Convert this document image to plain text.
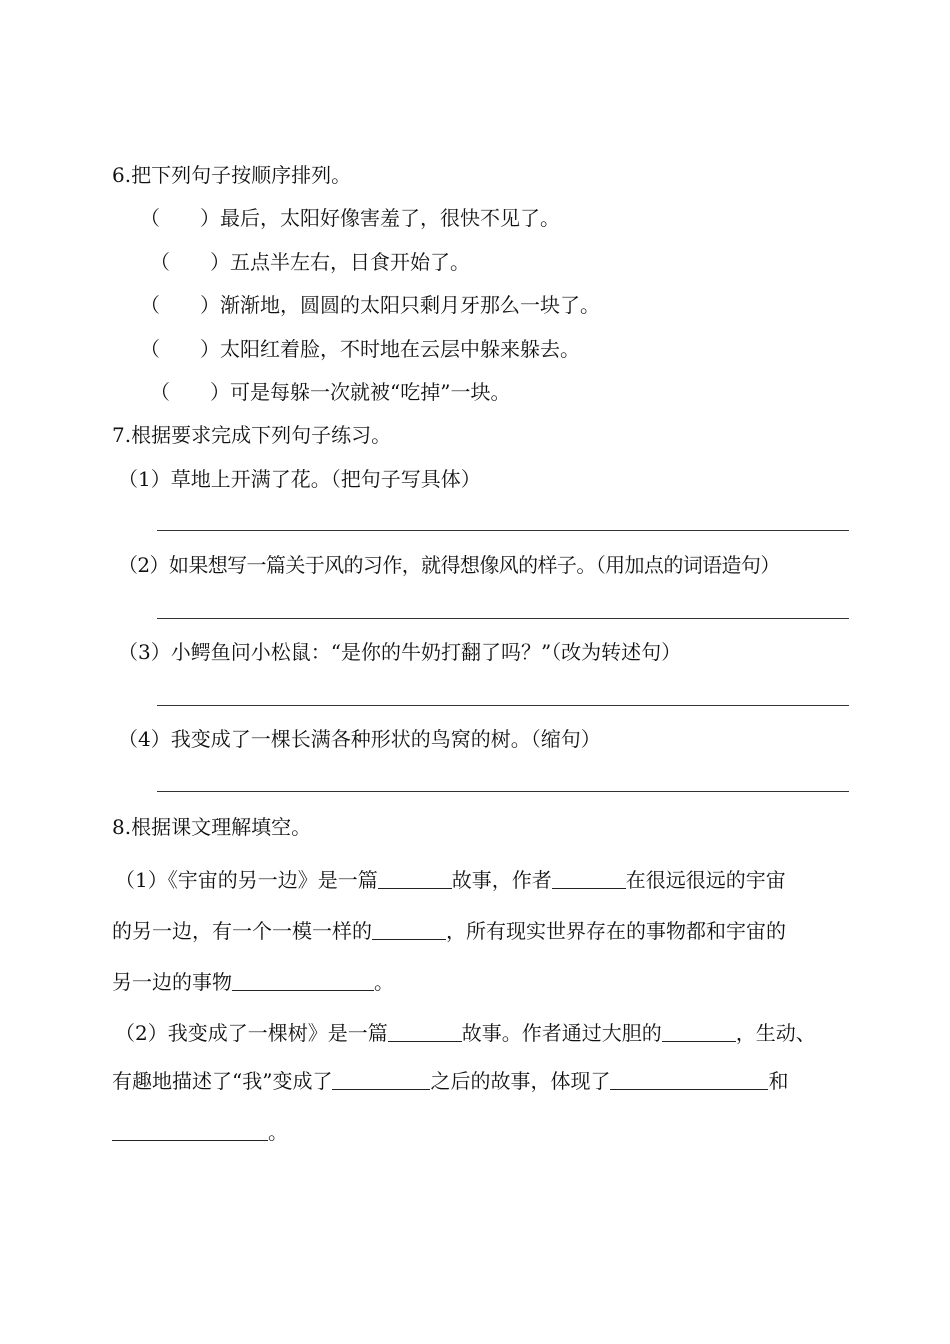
6.把下列句子按顺序排列。
（　　）最后，太阳好像害羞了，很快不见了。
（　　）五点半左右，日食开始了。
（　　）渐渐地，圆圆的太阳只剩月牙那么一块了。
（　　）太阳红着脸，不时地在云层中躲来躲去。
（　　）可是每躲一次就被“吃掉”一块。
7.根据要求完成下列句子练习。
（1）草地上开满了花。（把句子写具体）
（2）如果想写一篇关于风的习作，就得想像风的样子。（用加点的词语造句）
（3）小鳄鱼问小松鼠：“是你的牛奶打翻了吗？”（改为转述句）
（4）我变成了一棵长满各种形状的鸟窝的树。（缩句）
8.根据课文理解填空。
（1）《宇宙的另一边》是一篇	故事，作者	在很远很远的宇宙
的另一边，有一个一模一样的	，所有现实世界存在的事物都和宇宙的
另一边的事物	。
（2）我变成了一棵树》是一篇	故事。作者通过大胆的	，生动、
有趣地描述了“我”变成了	之后的故事，体现了	和
。
